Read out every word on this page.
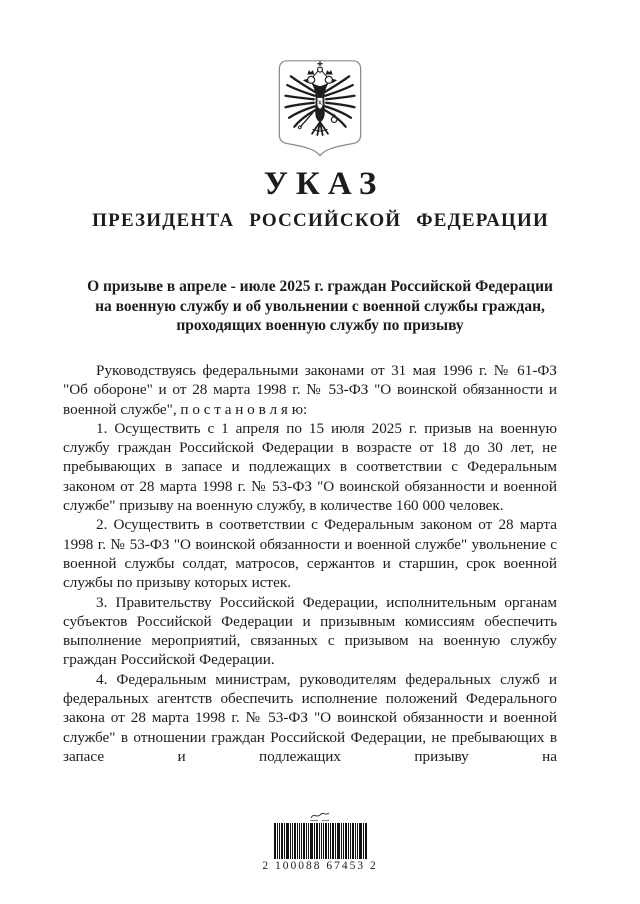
УКАЗ
ПРЕЗИДЕНТА РОССИЙСКОЙ ФЕДЕРАЦИИ
О призыве в апреле - июле 2025 г. граждан Российской Федерации на военную службу и об увольнении с военной службы граждан, проходящих военную службу по призыву

Руководствуясь федеральными законами от 31 мая 1996 г. № 61-ФЗ "Об обороне" и от 28 марта 1998 г. № 53-ФЗ "О воинской обязанности и военной службе", п о с т а н о в л я ю:

1. Осуществить с 1 апреля по 15 июля 2025 г. призыв на военную службу граждан Российской Федерации в возрасте от 18 до 30 лет, не пребывающих в запасе и подлежащих в соответствии с Федеральным законом от 28 марта 1998 г. № 53-ФЗ "О воинской обязанности и военной службе" призыву на военную службу, в количестве 160 000 человек.

2. Осуществить в соответствии с Федеральным законом от 28 марта 1998 г. № 53-ФЗ "О воинской обязанности и военной службе" увольнение с военной службы солдат, матросов, сержантов и старшин, срок военной службы по призыву которых истек.

3. Правительству Российской Федерации, исполнительным органам субъектов Российской Федерации и призывным комиссиям обеспечить выполнение мероприятий, связанных с призывом на военную службу граждан Российской Федерации.

4. Федеральным министрам, руководителям федеральных служб и федеральных агентств обеспечить исполнение положений Федерального закона от 28 марта 1998 г. № 53-ФЗ "О воинской обязанности и военной службе" в отношении граждан Российской Федерации, не пребывающих в запасе и подлежащих призыву на

2 100088 67453 2
